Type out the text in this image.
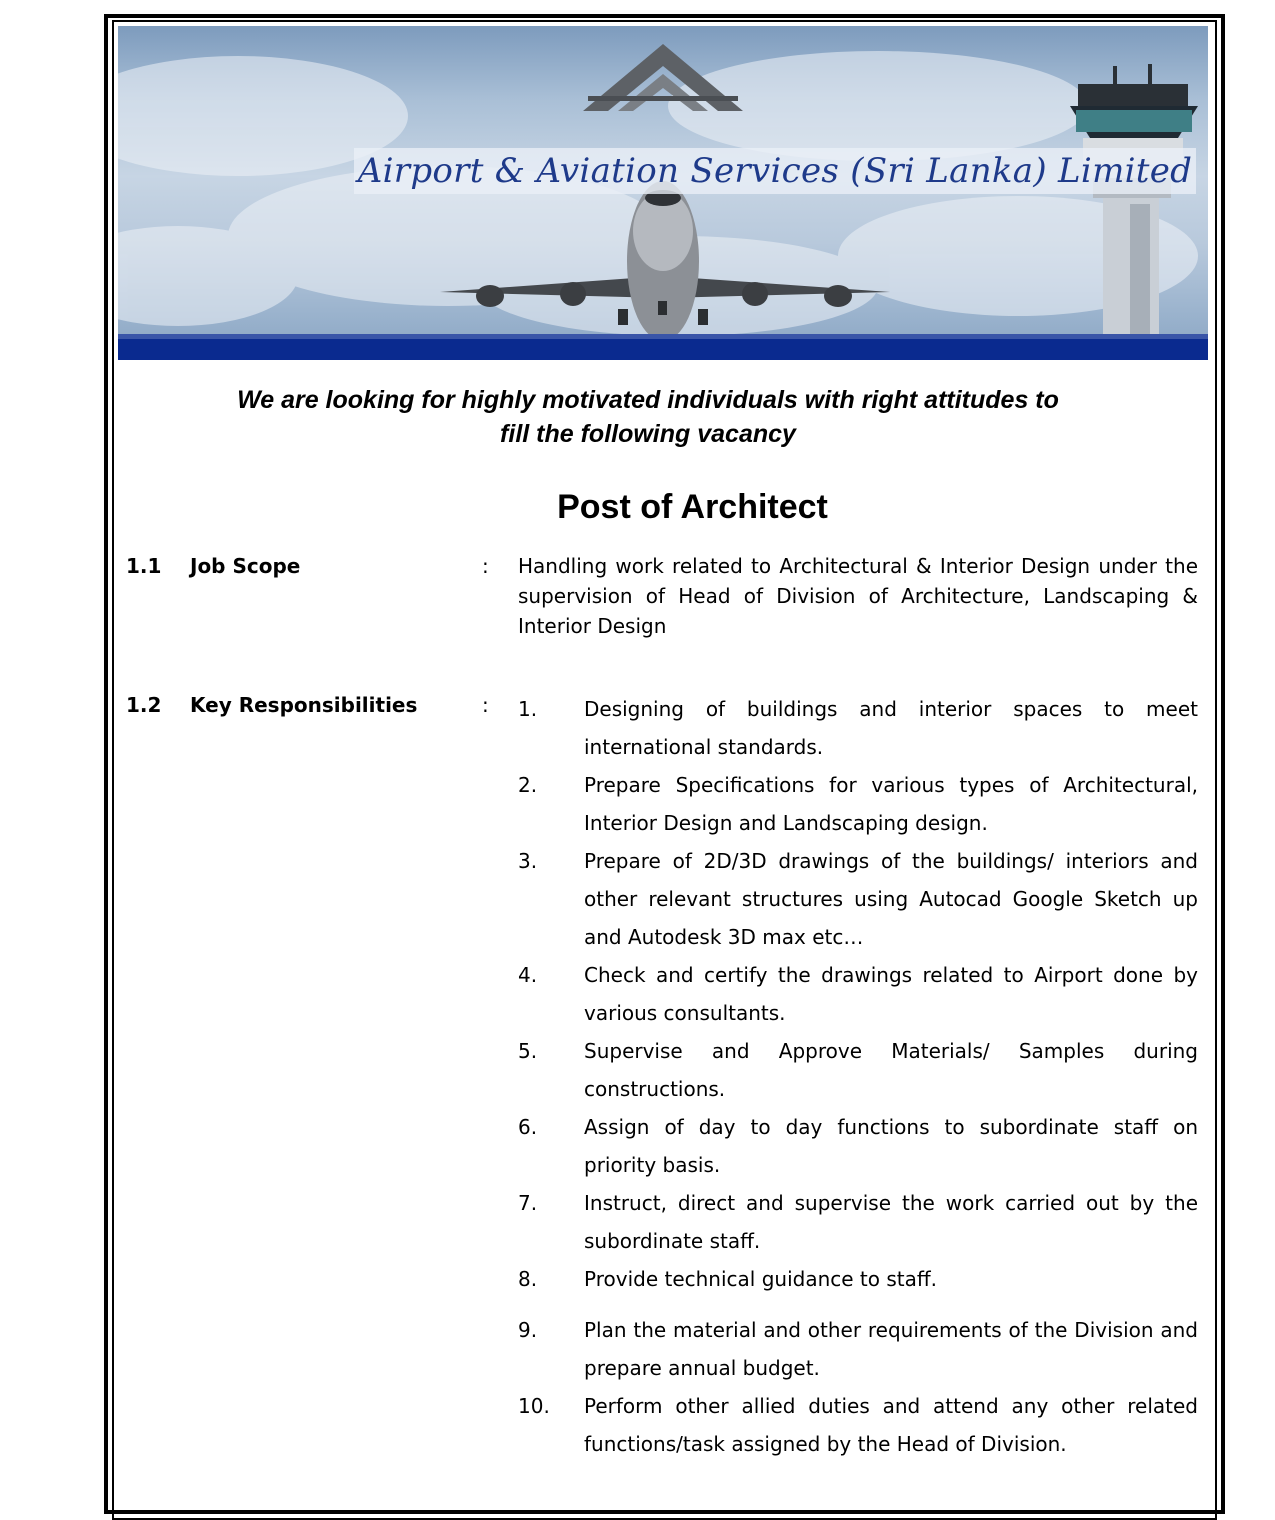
Airport & Aviation Services (Sri Lanka) Limited
We are looking for highly motivated individuals with right attitudes to
fill the following vacancy
Post of Architect
1.1 Job Scope	: Handling work related to Architectural & Interior Design under the supervision of Head of Division of Architecture, Landscaping & Interior Design
1.2 Key Responsibilities	: 1.	Designing of buildings and interior spaces to meet international standards.
2.	Prepare Specifications for various types of Architectural, Interior Design and Landscaping design.
3.	Prepare of 2D/3D drawings of the buildings/ interiors and other relevant structures using Autocad Google Sketch up and Autodesk 3D max etc…
4.	Check and certify the drawings related to Airport done by various consultants.
5.	Supervise and Approve Materials/ Samples during constructions.
6.	Assign of day to day functions to subordinate staff on priority basis.
7.	Instruct, direct and supervise the work carried out by the subordinate staff.
8.	Provide technical guidance to staff.
9.	Plan the material and other requirements of the Division and prepare annual budget.
10.	Perform other allied duties and attend any other related functions/task assigned by the Head of Division.
